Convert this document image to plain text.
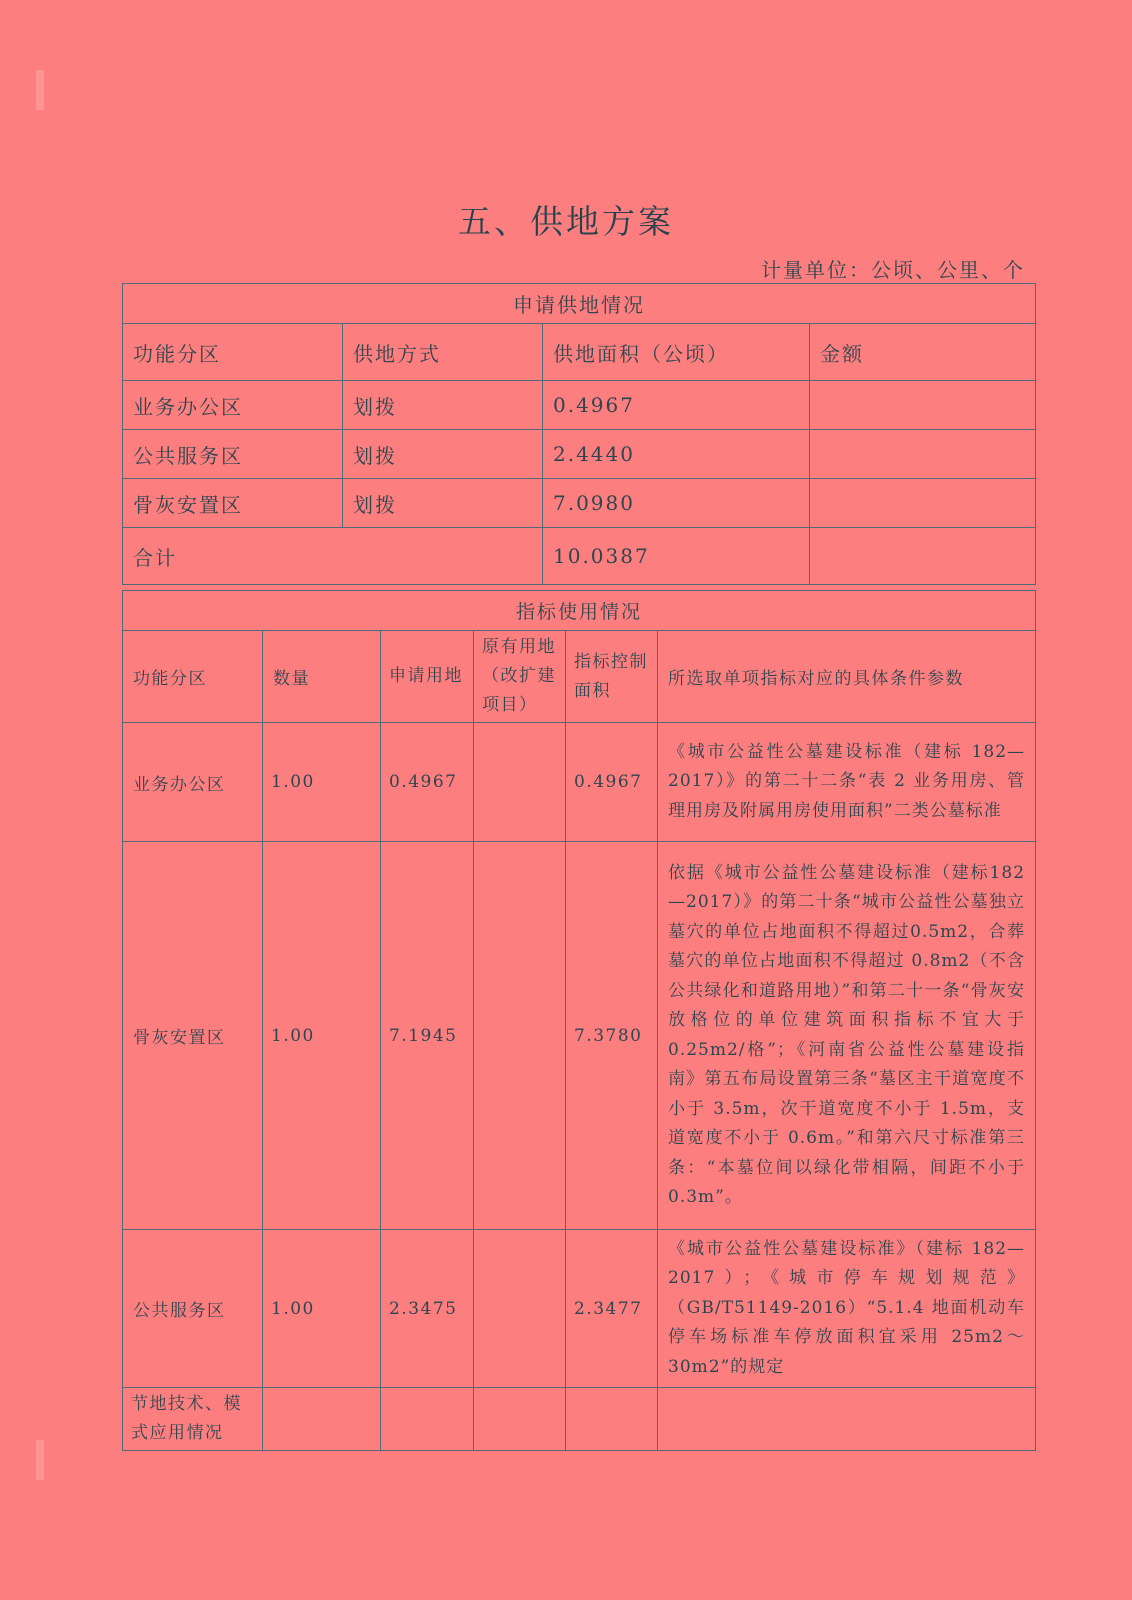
五、供地方案
计量单位：公顷、公里、个
申请供地情况			
功能分区	供地方式	供地面积（公顷）	金额
业务办公区	划拨	0.4967	
公共服务区	划拨	2.4440	
骨灰安置区	划拨	7.0980	
合计		10.0387	
指标使用情况					
功能分区	数量	申请用地	原有用地（改扩建项目）	指标控制面积	所选取单项指标对应的具体条件参数
业务办公区	1.00	0.4967		0.4967	《城市公益性公墓建设标准（建标 182—2017）》的第二十二条“表 2 业务用房、管理用房及附属用房使用面积”二类公墓标准
骨灰安置区	1.00	7.1945		7.3780	依据《城市公益性公墓建设标准（建标182—2017）》的第二十条“城市公益性公墓独立墓穴的单位占地面积不得超过0.5m2，合葬墓穴的单位占地面积不得超过 0.8m2（不含公共绿化和道路用地）”和第二十一条“骨灰安放格位的单位建筑面积指标不宜大于 0.25m2/格”；《河南省公益性公墓建设指南》第五布局设置第三条“墓区主干道宽度不小于 3.5m，次干道宽度不小于 1.5m，支道宽度不小于 0.6m。”和第六尺寸标准第三条：“本墓位间以绿化带相隔，间距不小于 0.3m”。
公共服务区	1.00	2.3475		2.3477	《城市公益性公墓建设标准》（建标 182—2017）；《城市停车规划规范》（GB/T51149-2016）“5.1.4 地面机动车停车场标准车停放面积宜采用 25m2～30m2”的规定
节地技术、模式应用情况					
